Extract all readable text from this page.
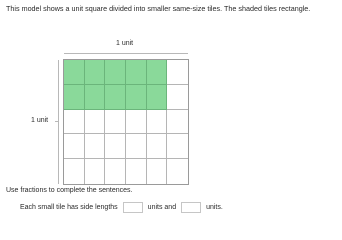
This model shows a unit square divided into smaller same-size tiles. The shaded tiles rectangle.

1 unit
1 unit

Use fractions to complete the sentences.

Each small tile has side lengths	units and	units.
